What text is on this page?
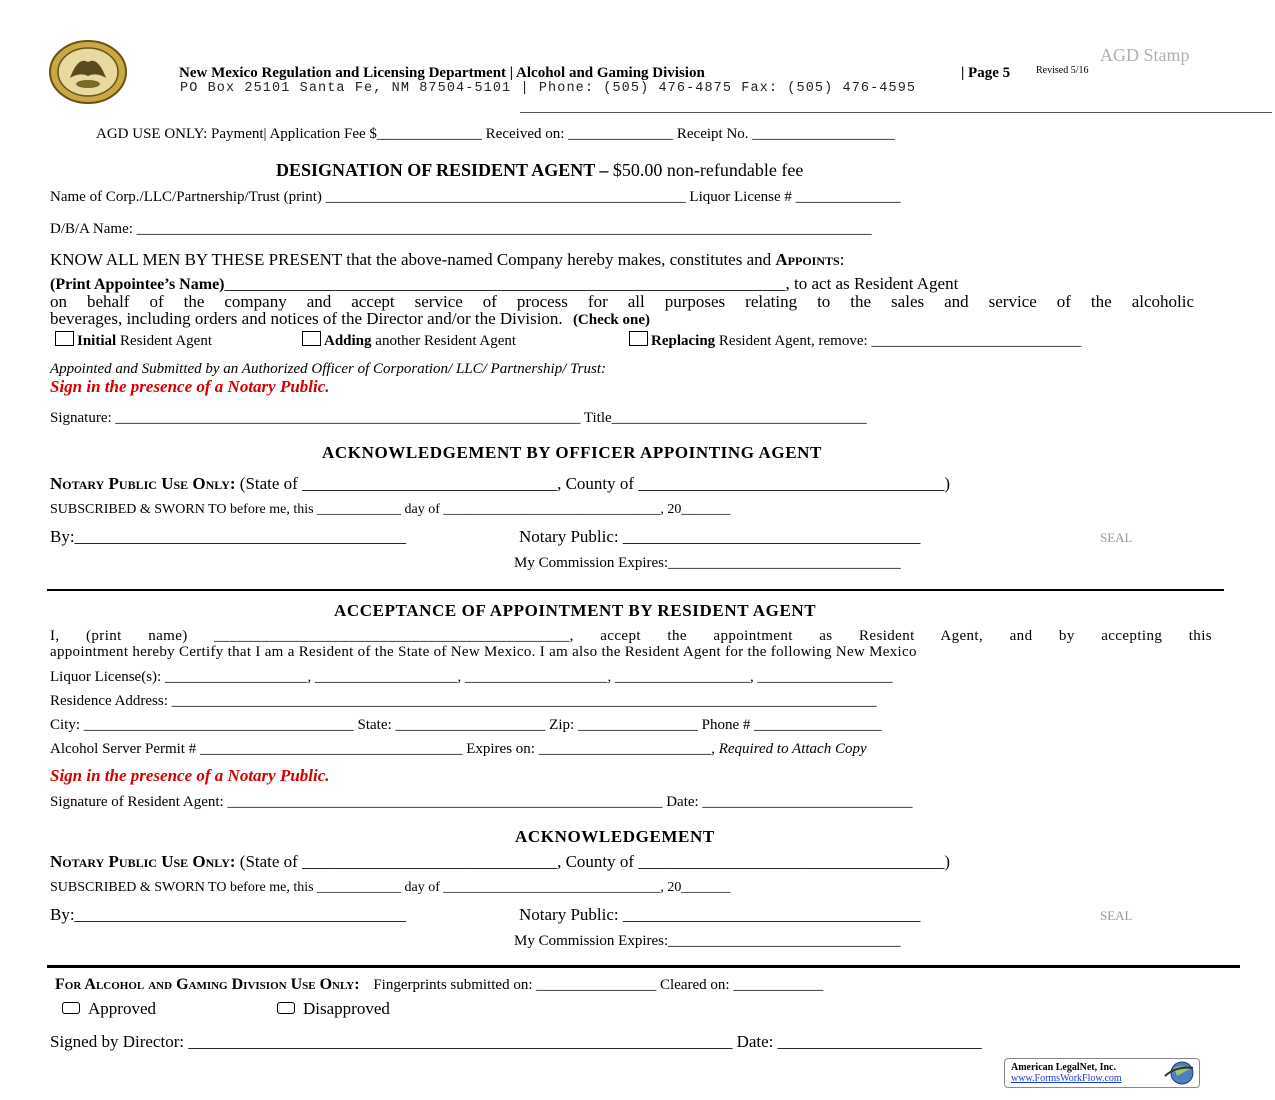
AGD Stamp
New Mexico Regulation and Licensing Department | Alcohol and Gaming Division	| Page 5	Revised 5/16
PO Box 25101 Santa Fe, NM 87504-5101 | Phone: (505) 476-4875 Fax: (505) 476-4595
AGD USE ONLY: Payment| Application Fee $______________ Received on: ______________ Receipt No. ___________________
DESIGNATION OF RESIDENT AGENT – $50.00 non-refundable fee
Name of Corp./LLC/Partnership/Trust (print) ________________________________________________ Liquor License # ______________
D/B/A Name: __________________________________________________________________________________________________
KNOW ALL MEN BY THESE PRESENT that the above-named Company hereby makes, constitutes and Appoints:
(Print Appointee’s Name)__________________________________________________________________, to act as Resident Agent
on behalf of the company and accept service of process for all purposes relating to the sales and service of the alcoholic
beverages, including orders and notices of the Director and/or the Division. (Check one)
Initial Resident Agent	Adding another Resident Agent	Replacing Resident Agent, remove: ____________________________
Appointed and Submitted by an Authorized Officer of Corporation/ LLC/ Partnership/ Trust:
Sign in the presence of a Notary Public.
Signature: ______________________________________________________________ Title__________________________________
ACKNOWLEDGEMENT BY OFFICER APPOINTING AGENT
Notary Public Use Only: (State of ______________________________, County of ____________________________________)
SUBSCRIBED & SWORN TO before me, this ____________ day of _______________________________, 20_______
By:_______________________________________	Notary Public: ___________________________________	SEAL
My Commission Expires:_______________________________
ACCEPTANCE OF APPOINTMENT BY RESIDENT AGENT
I, (print name) _____________________________________________, accept the appointment as Resident Agent, and by accepting this
appointment hereby Certify that I am a Resident of the State of New Mexico. I am also the Resident Agent for the following New Mexico
Liquor License(s): ___________________, ___________________, ___________________, __________________, __________________
Residence Address: ______________________________________________________________________________________________
City: ____________________________________ State: ____________________ Zip: ________________ Phone # _________________
Alcohol Server Permit # ___________________________________ Expires on: _______________________, Required to Attach Copy
Sign in the presence of a Notary Public.
Signature of Resident Agent: __________________________________________________________ Date: ____________________________
ACKNOWLEDGEMENT
Notary Public Use Only: (State of ______________________________, County of ____________________________________)
SUBSCRIBED & SWORN TO before me, this ____________ day of _______________________________, 20_______
By:_______________________________________	Notary Public: ___________________________________	SEAL
My Commission Expires:_______________________________
For Alcohol and Gaming Division Use Only: Fingerprints submitted on: ________________ Cleared on: ____________
Approved	Disapproved
Signed by Director: ________________________________________________________________ Date: ________________________
American LegalNet, Inc.
www.FormsWorkFlow.com
